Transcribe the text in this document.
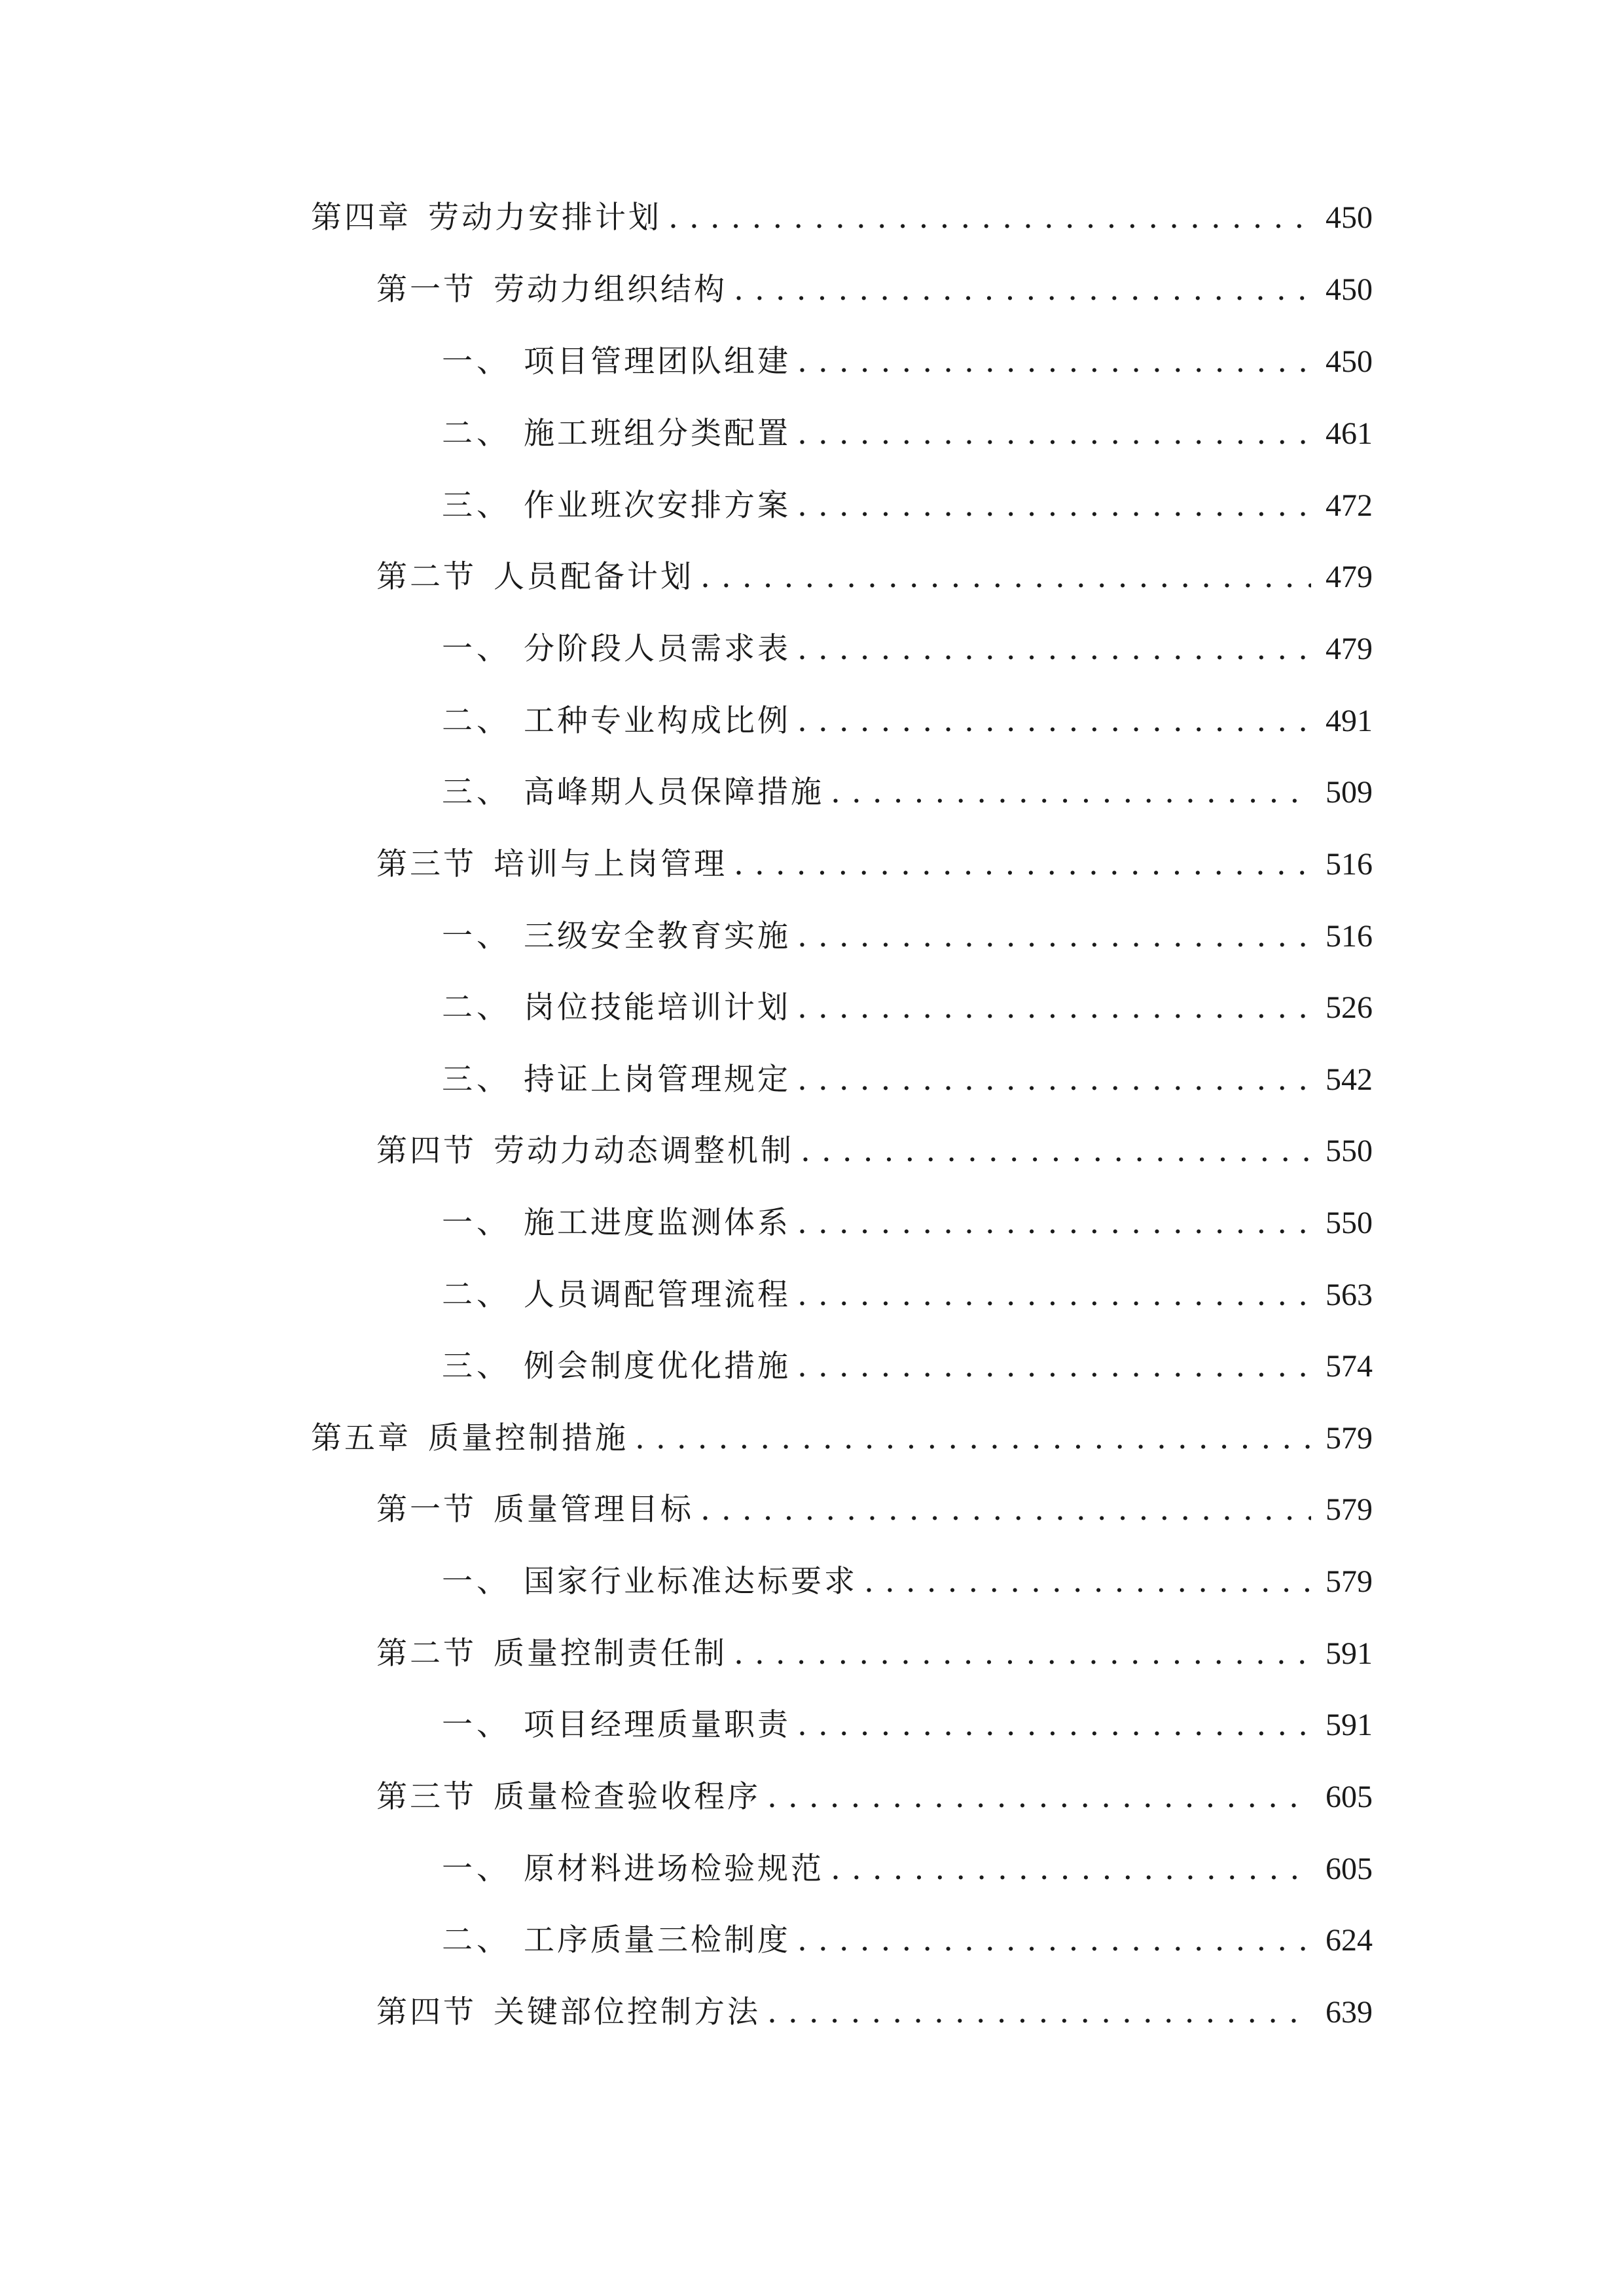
第四章 劳动力安排计划 . . .	450
第一节 劳动力组织结构 . . .	450
一、 项目管理团队组建 . . .	450
二、 施工班组分类配置 . . .	461
三、 作业班次安排方案 . . .	472
第二节 人员配备计划 . . .	479
一、 分阶段人员需求表 . . .	479
二、 工种专业构成比例 . . .	491
三、 高峰期人员保障措施 . . .	509
第三节 培训与上岗管理 . . .	516
一、 三级安全教育实施 . . .	516
二、 岗位技能培训计划 . . .	526
三、 持证上岗管理规定 . . .	542
第四节 劳动力动态调整机制 . . .	550
一、 施工进度监测体系 . . .	550
二、 人员调配管理流程 . . .	563
三、 例会制度优化措施 . . .	574
第五章 质量控制措施 . . .	579
第一节 质量管理目标 . . .	579
一、 国家行业标准达标要求 . . .	579
第二节 质量控制责任制 . . .	591
一、 项目经理质量职责 . . .	591
第三节 质量检查验收程序 . . .	605
一、 原材料进场检验规范 . . .	605
二、 工序质量三检制度 . . .	624
第四节 关键部位控制方法 . . .	639
